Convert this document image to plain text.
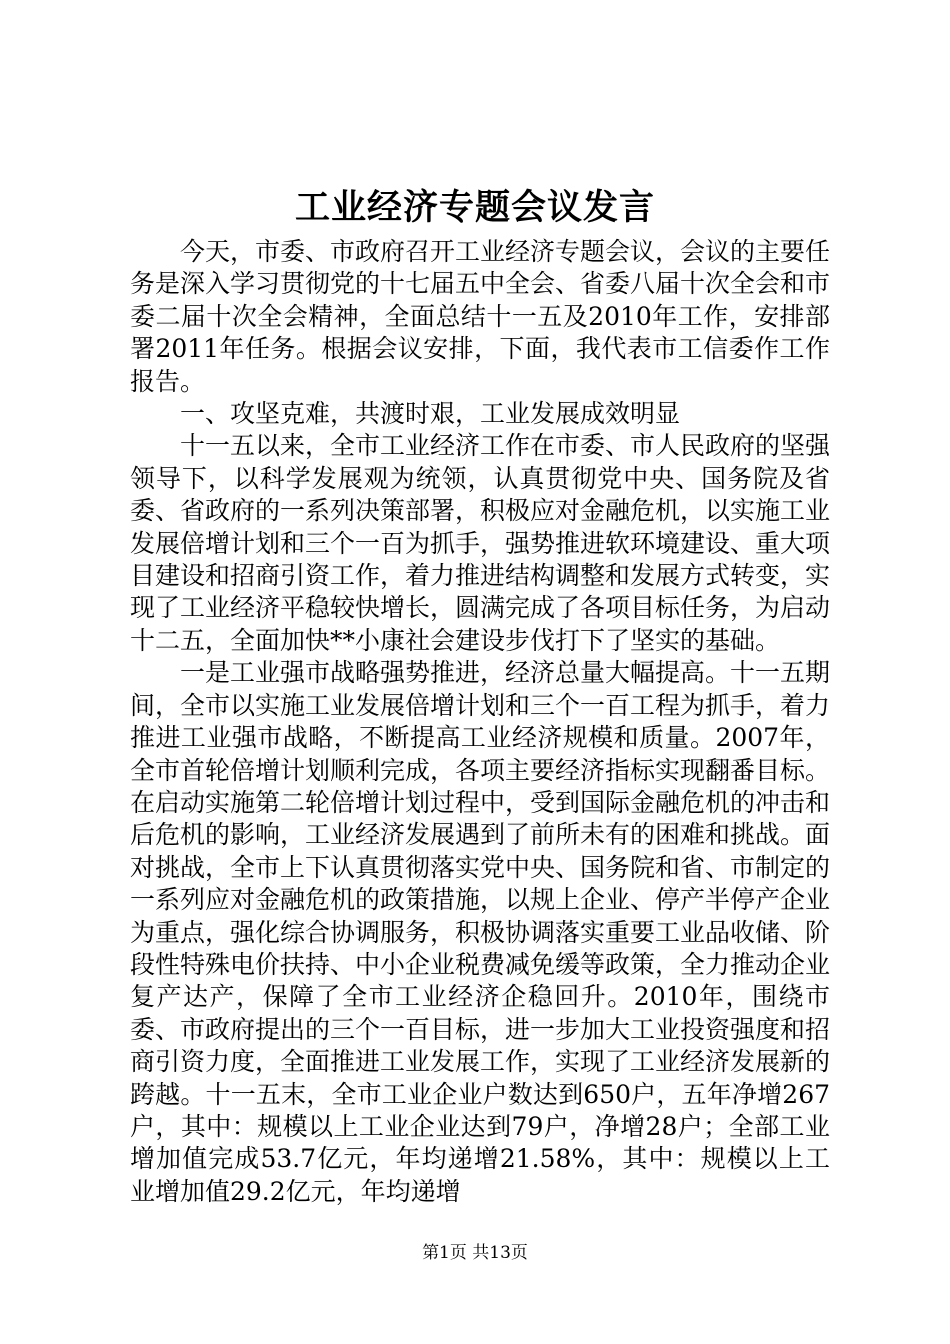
工业经济专题会议发言

今天，市委、市政府召开工业经济专题会议，会议的主要任务是深入学习贯彻党的十七届五中全会、省委八届十次全会和市委二届十次全会精神，全面总结十一五及2010年工作，安排部署2011年任务。根据会议安排，下面，我代表市工信委作工作报告。

一、攻坚克难，共渡时艰，工业发展成效明显

十一五以来，全市工业经济工作在市委、市人民政府的坚强领导下，以科学发展观为统领，认真贯彻党中央、国务院及省委、省政府的一系列决策部署，积极应对金融危机，以实施工业发展倍增计划和三个一百为抓手，强势推进软环境建设、重大项目建设和招商引资工作，着力推进结构调整和发展方式转变，实现了工业经济平稳较快增长，圆满完成了各项目标任务，为启动十二五，全面加快**小康社会建设步伐打下了坚实的基础。

一是工业强市战略强势推进，经济总量大幅提高。十一五期间，全市以实施工业发展倍增计划和三个一百工程为抓手，着力推进工业强市战略，不断提高工业经济规模和质量。2007年，全市首轮倍增计划顺利完成，各项主要经济指标实现翻番目标。在启动实施第二轮倍增计划过程中，受到国际金融危机的冲击和后危机的影响，工业经济发展遇到了前所未有的困难和挑战。面对挑战，全市上下认真贯彻落实党中央、国务院和省、市制定的一系列应对金融危机的政策措施，以规上企业、停产半停产企业为重点，强化综合协调服务，积极协调落实重要工业品收储、阶段性特殊电价扶持、中小企业税费减免缓等政策，全力推动企业复产达产，保障了全市工业经济企稳回升。2010年，围绕市委、市政府提出的三个一百目标，进一步加大工业投资强度和招商引资力度，全面推进工业发展工作，实现了工业经济发展新的跨越。十一五末，全市工业企业户数达到650户，五年净增267户，其中：规模以上工业企业达到79户，净增28户；全部工业增加值完成53.7亿元，年均递增21.58%，其中：规模以上工业增加值29.2亿元，年均递增

第1页 共13页
